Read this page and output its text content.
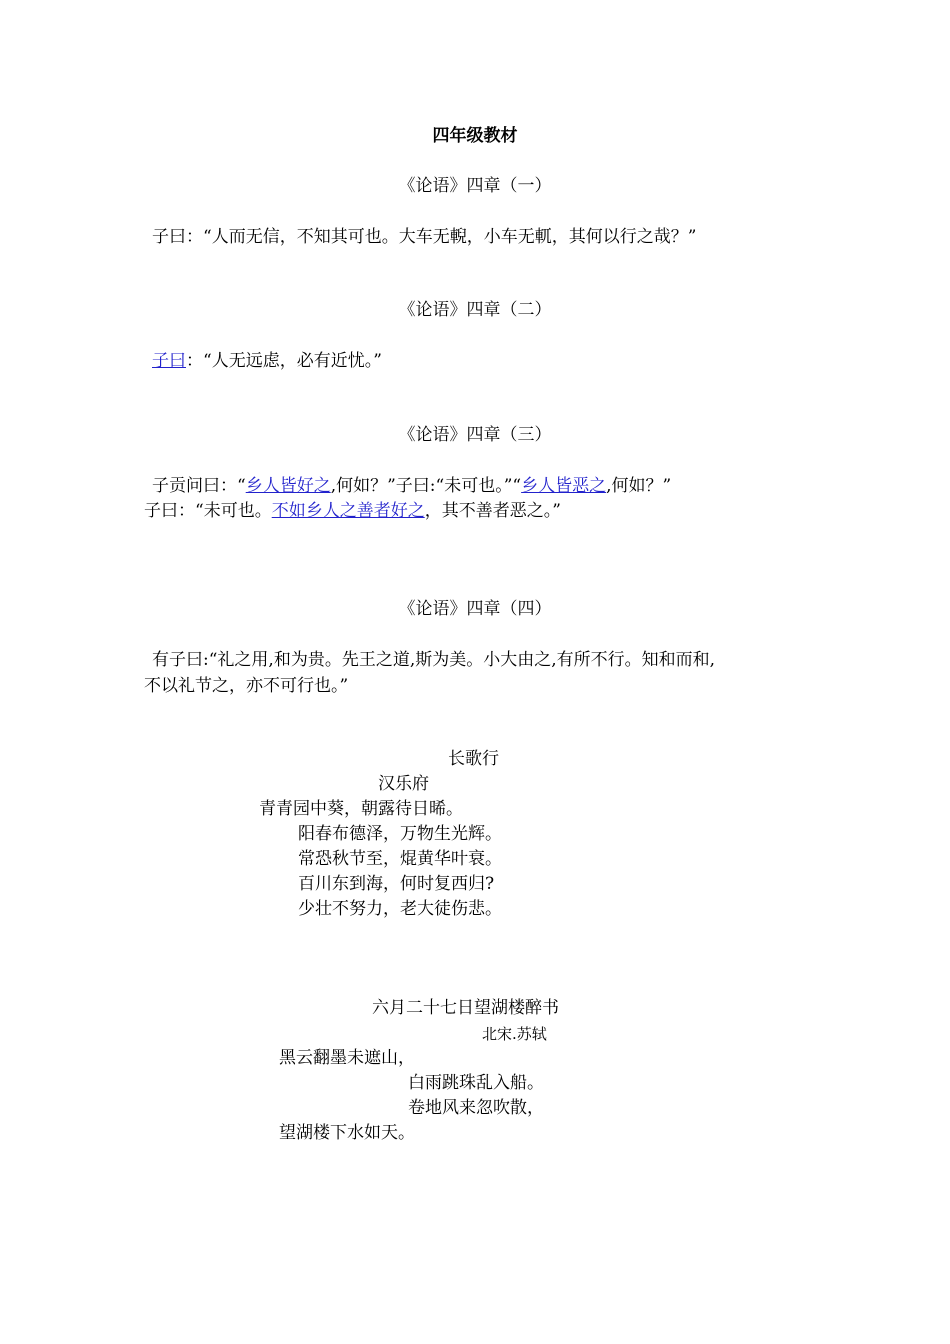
四年级教材
《论语》四章（一）
子曰：“人而无信，不知其可也。大车无輗，小车无軏，其何以行之哉？”
《论语》四章（二）
子曰：“人无远虑，必有近忧。”
《论语》四章（三）
子贡问曰：“乡人皆好之,何如？”子曰:“未可也。”“乡人皆恶之,何如？”
子曰：“未可也。不如乡人之善者好之，其不善者恶之。”
《论语》四章（四）
有子曰:“礼之用,和为贵。先王之道,斯为美。小大由之,有所不行。知和而和,
不以礼节之，亦不可行也。”
长歌行
汉乐府
青青园中葵，朝露待日晞。
阳春布德泽，万物生光辉。
常恐秋节至，焜黄华叶衰。
百川东到海，何时复西归?
少壮不努力，老大徒伤悲。
六月二十七日望湖楼醉书
北宋.苏轼
黑云翻墨未遮山，
白雨跳珠乱入船。
卷地风来忽吹散，
望湖楼下水如天。
